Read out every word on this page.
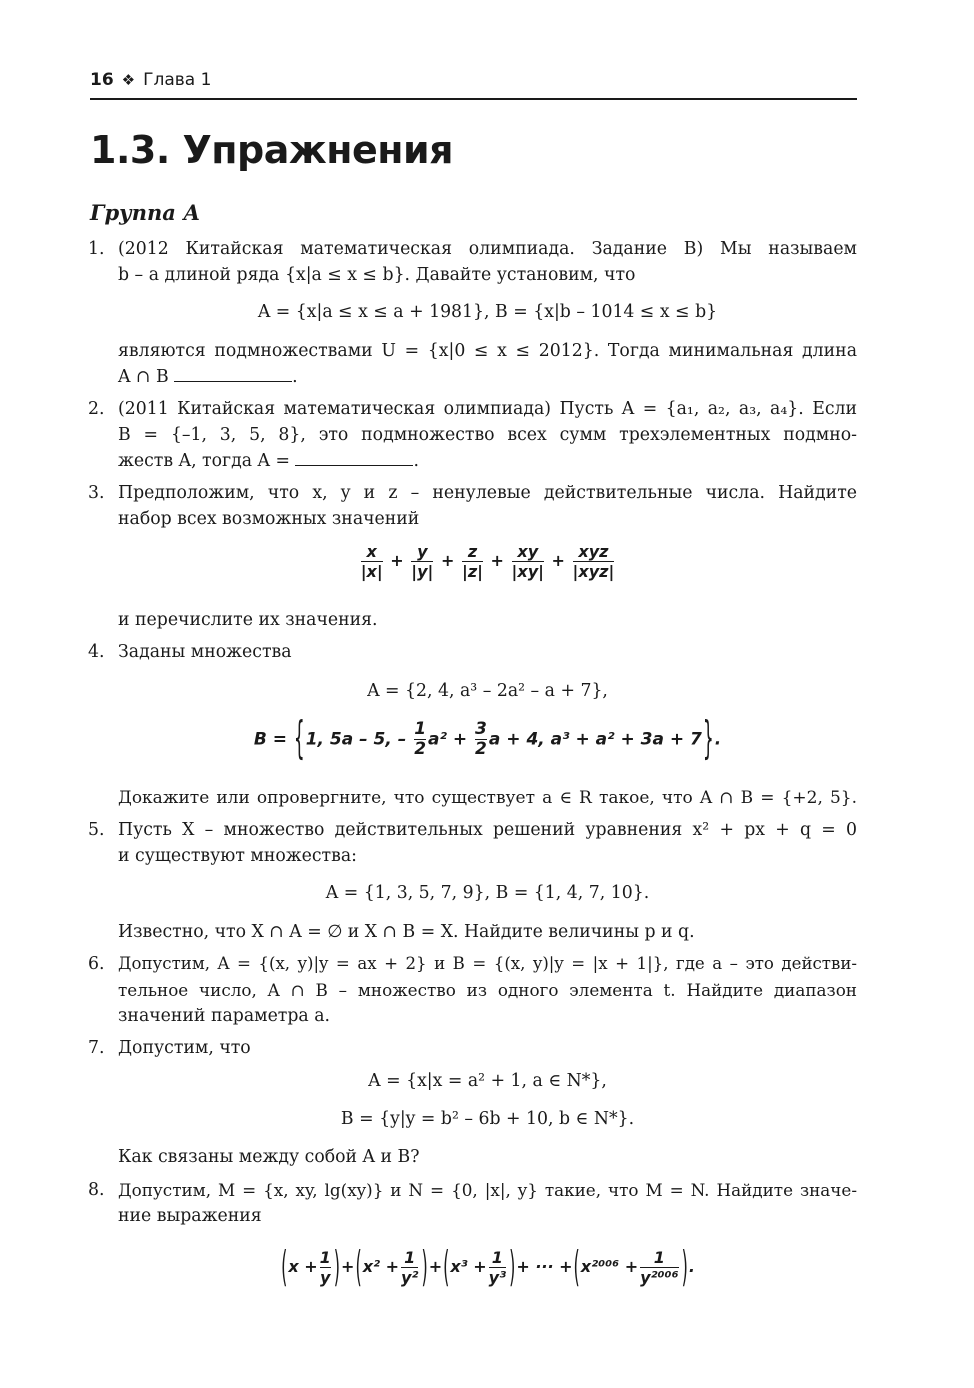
16 ❖ Глава 1
1.3. Упражнения
Группа А
1. (2012 Китайская математическая олимпиада. Задание В) Мы называем
b – a длиной ряда {x|a ≤ x ≤ b}. Давайте установим, что
A = {x|a ≤ x ≤ a + 1981}, B = {x|b – 1014 ≤ x ≤ b}
являются подмножествами U = {x|0 ≤ x ≤ 2012}. Тогда минимальная длина
A ∩ B	.
2. (2011 Китайская математическая олимпиада) Пусть A = {a₁, a₂, a₃, a₄}. Если
B = {–1, 3, 5, 8}, это подмножество всех сумм трехэлементных подмно-
жеств A, тогда A =	.
3. Предположим, что x, y и z – ненулевые действительные числа. Найдите
набор всех возможных значений
$\frac{x}{|x|} + \frac{y}{|y|} + \frac{z}{|z|} + \frac{xy}{|xy|} + \frac{\text{xyz}}{\text{|xyz|}}$
и перечислите их значения.
4. Заданы множества
A = {2, 4, a³ – 2a² – a + 7},
B = {1, 5a – 5, – $\frac{1}{2} a^2 + \frac{3}{2}$ a + 4, a³ + a² + 3a + 7}.
Докажите или опровергните, что существует a ∈ R такое, что A ∩ B = {+2, 5}.
5. Пусть X – множество действительных решений уравнения x² + px + q = 0
и существуют множества:
A = {1, 3, 5, 7, 9}, B = {1, 4, 7, 10}.
Известно, что X ∩ A = ∅ и X ∩ B = X. Найдите величины p и q.
6. Допустим, A = {(x, y)|y = ax + 2} и B = {(x, y)|y = |x + 1|}, где a – это действи-
тельное число, A ∩ B – множество из одного элемента t. Найдите диапазон
значений параметра a.
7. Допустим, что
A = {x|x = a² + 1, a ∈ N*},
B = {y|y = b² – 6b + 10, b ∈ N*}.
Как связаны между собой A и B?
8. Допустим, M = {x, xy, lg(xy)} и N = {0, |x|, y} такие, что M = N. Найдите значе-
ние выражения
$(x + \frac{1}{y} )+(x^2 + \frac{1}{\text{y²}} )+(x^3 + \frac{1}{\text{y³}}$ )+ ··· $+(x^{2006} + \frac{1}{\text{y²⁰⁰⁶}}$ ).
